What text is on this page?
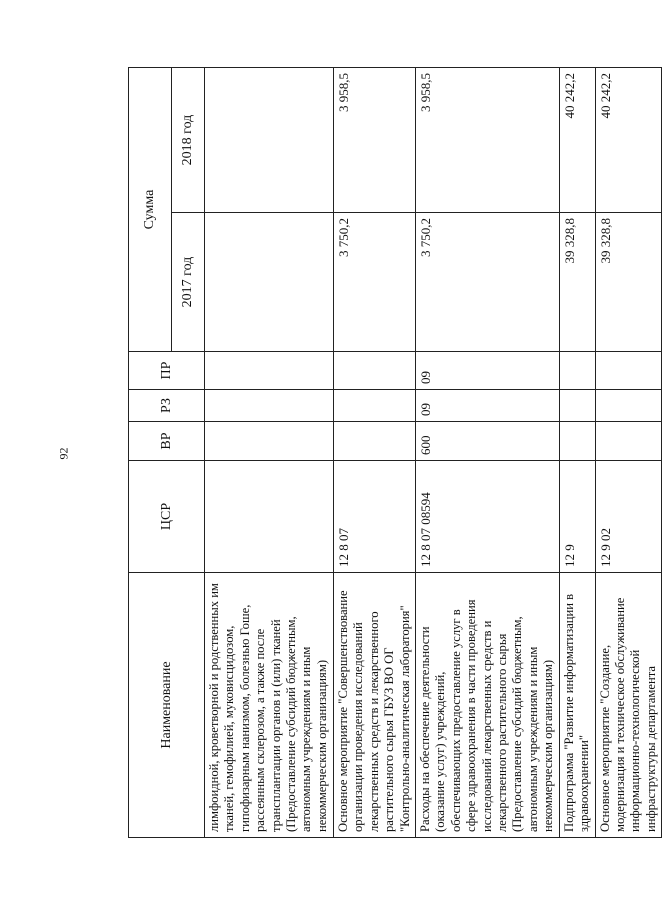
92
Наименование	ЦСР	ВР	РЗ	ПР	Сумма	
					2017 год	2018 год
лимфоидной, кроветворной и родственных им тканей, гемофилией, муковисцидозом, гипофизарным нанизмом, болезнью Гоше, рассеянным склерозом, а также после трансплантации органов и (или) тканей (Предоставление субсидий бюджетным, автономным учреждениям и иным некоммерческим организациям)						
Основное мероприятие "Совершенствование организации проведения исследований лекарственных средств и лекарственного растительного сырья ГБУЗ ВО ОГ "Контрольно-аналитическая лаборатория"	12 8 07				3 750,2	3 958,5
Расходы на обеспечение деятельности (оказание услуг) учреждений, обеспечивающих предоставление услуг в сфере здравоохранения в части проведения исследований лекарственных средств и лекарственного растительного сырья (Предоставление субсидий бюджетным, автономным учреждениям и иным некоммерческим организациям)	12 8 07 08594	600	09	09	3 750,2	3 958,5
Подпрограмма "Развитие информатизации в здравоохранении"	12 9				39 328,8	40 242,2
Основное мероприятие "Создание, модернизация и техническое обслуживание информационно-технологической инфраструктуры департамента	12 9 02				39 328,8	40 242,2
